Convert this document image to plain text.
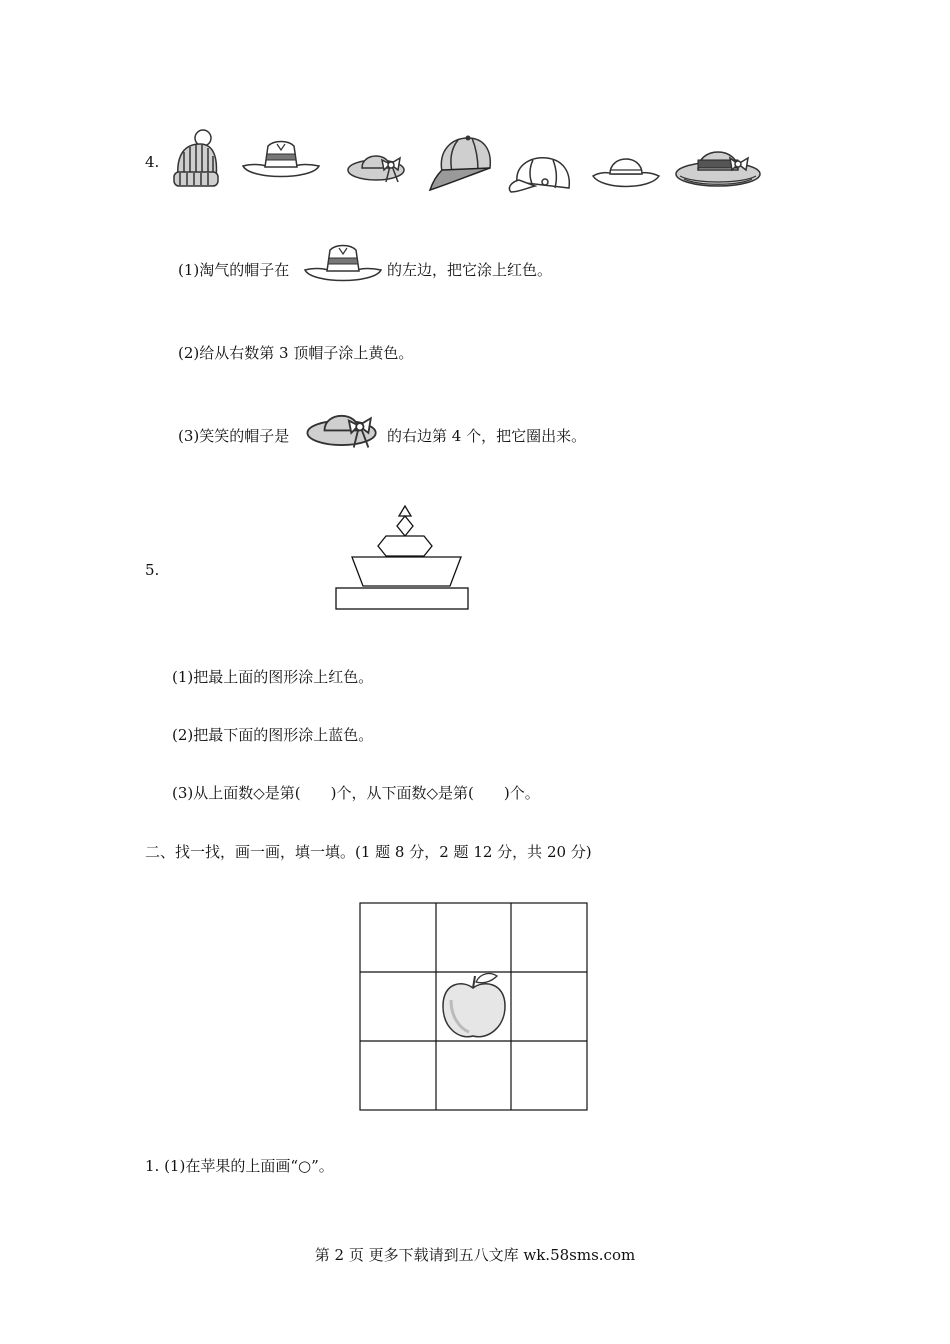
4.
(1)淘气的帽子在	的左边，把它涂上红色。
(2)给从右数第 3 顶帽子涂上黄色。
(3)笑笑的帽子是	的右边第 4 个，把它圈出来。
5.
(1)把最上面的图形涂上红色。
(2)把最下面的图形涂上蓝色。
(3)从上面数◇是第(　　)个，从下面数◇是第(　　)个。
二、找一找，画一画，填一填。(1 题 8 分，2 题 12 分，共 20 分)
1. (1)在苹果的上面画“○”。
第 2 页 更多下载请到五八文库 wk.58sms.com
